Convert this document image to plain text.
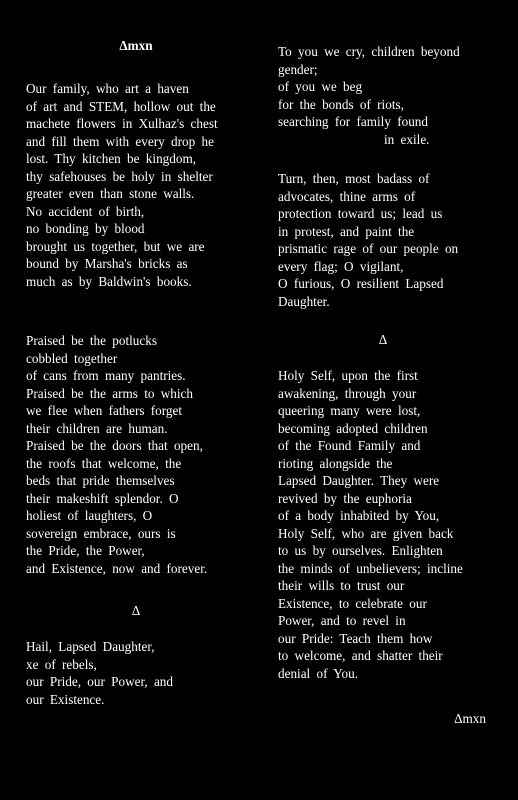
Δmxn
Our family, who art a haven
of art and STEM, hollow out the
machete flowers in Xulhaz's chest
and fill them with every drop he
lost. Thy kitchen be kingdom,
thy safehouses be holy in shelter
greater even than stone walls.
No accident of birth,
no bonding by blood
brought us together, but we are
bound by Marsha's bricks as
much as by Baldwin's books.
Praised be the potlucks
cobbled together
of cans from many pantries.
Praised be the arms to which
we flee when fathers forget
their children are human.
Praised be the doors that open,
the roofs that welcome, the
beds that pride themselves
their makeshift splendor. O
holiest of laughters, O
sovereign embrace, ours is
the Pride, the Power,
and Existence, now and forever.
Δ
Hail, Lapsed Daughter,
xe of rebels,
our Pride, our Power, and
our Existence.
To you we cry, children beyond
gender;
of you we beg
for the bonds of riots,
searching for family found
in exile.
Turn, then, most badass of
advocates, thine arms of
protection toward us; lead us
in protest, and paint the
prismatic rage of our people on
every flag; O vigilant,
O furious, O resilient Lapsed
Daughter.
Δ
Holy Self, upon the first
awakening, through your
queering many were lost,
becoming adopted children
of the Found Family and
rioting alongside the
Lapsed Daughter. They were
revived by the euphoria
of a body inhabited by You,
Holy Self, who are given back
to us by ourselves. Enlighten
the minds of unbelievers; incline
their wills to trust our
Existence, to celebrate our
Power, and to revel in
our Pride: Teach them how
to welcome, and shatter their
denial of You.
Δmxn
